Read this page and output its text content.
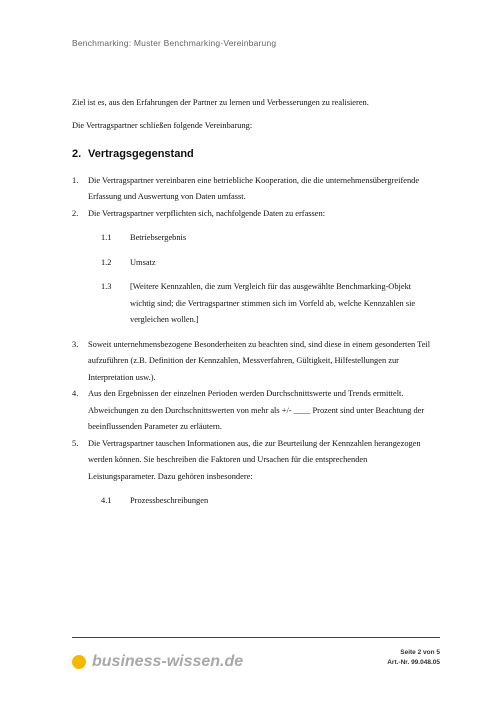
Benchmarking: Muster Benchmarking-Vereinbarung

Ziel ist es, aus den Erfahrungen der Partner zu lernen und Verbesserungen zu realisieren.

Die Vertragspartner schließen folgende Vereinbarung:

2. Vertragsgegenstand
1.	Die Vertragspartner vereinbaren eine betriebliche Kooperation, die die unternehmensübergreifende Erfassung und Auswertung von Daten umfasst.
2.	Die Vertragspartner verpflichten sich, nachfolgende Daten zu erfassen:
1.1	Betriebsergebnis
1.2	Umsatz
1.3	[Weitere Kennzahlen, die zum Vergleich für das ausgewählte Benchmarking-Objekt wichtig sind; die Vertragspartner stimmen sich im Vorfeld ab, welche Kennzahlen sie vergleichen wollen.]
3.	Soweit unternehmensbezogene Besonderheiten zu beachten sind, sind diese in einem gesonderten Teil aufzuführen (z.B. Definition der Kennzahlen, Messverfahren, Gültigkeit, Hilfestellungen zur Interpretation usw.).
4.	Aus den Ergebnissen der einzelnen Perioden werden Durchschnittswerte und Trends ermittelt. Abweichungen zu den Durchschnittswerten von mehr als +/- ____ Prozent sind unter Beachtung der beeinflussenden Parameter zu erläutern.
5.	Die Vertragspartner tauschen Informationen aus, die zur Beurteilung der Kennzahlen herangezogen werden können. Sie beschreiben die Faktoren und Ursachen für die entsprechenden Leistungsparameter. Dazu gehören insbesondere:
4.1	Prozessbeschreibungen
business-wissen.de
Seite 2 von 5
Art.-Nr. 99.048.05
